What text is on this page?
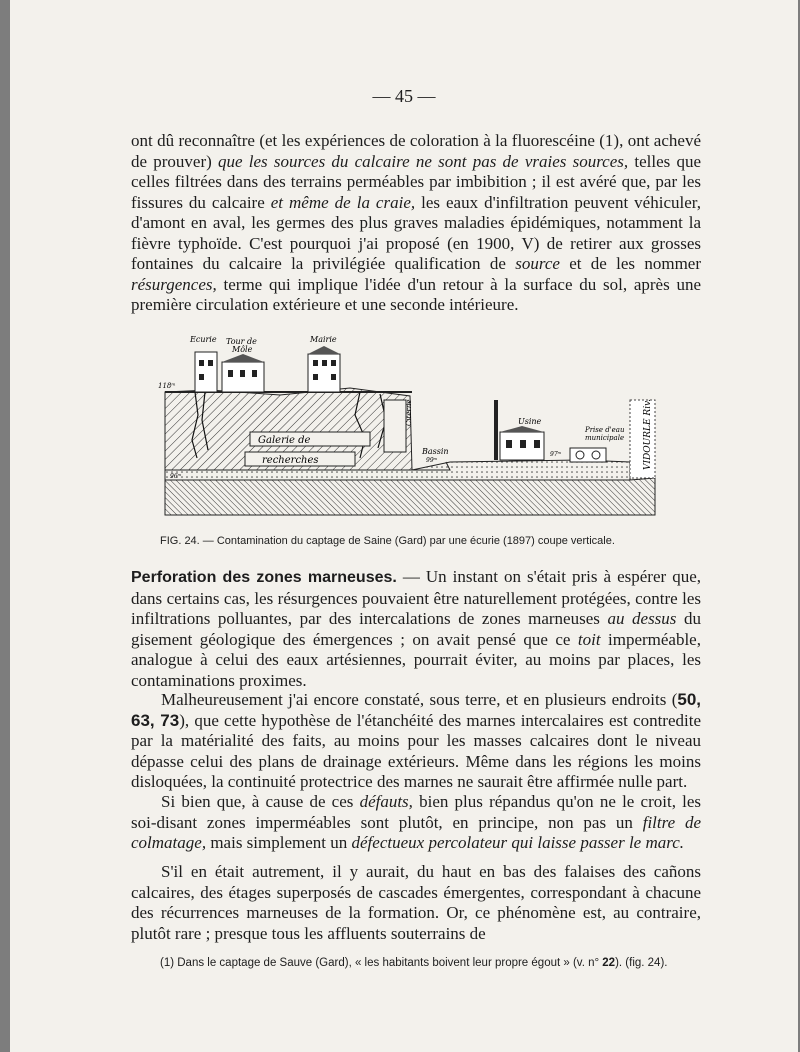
— 45 —

ont dû reconnaître (et les expériences de coloration à la fluorescéine (1), ont achevé de prouver) que les sources du calcaire ne sont pas de vraies sources, telles que celles filtrées dans des terrains perméables par imbibition ; il est avéré que, par les fissures du calcaire et même de la craie, les eaux d'infiltration peuvent véhiculer, d'amont en aval, les germes des plus graves maladies épidémiques, notamment la fièvre typhoïde. C'est pourquoi j'ai proposé (en 1900, V) de retirer aux grosses fontaines du calcaire la privilégiée qualification de source et de les nommer résurgences, terme qui implique l'idée d'un retour à la surface du sol, après une première circulation extérieure et une seconde intérieure.

Citerne
Galerie de
recherches	VIDOURLE Riv.
Ecurie Tour de
Môle
Mairie
118ᵐ
Bassin
99ᵐ
Usine
Prise d'eau
municipale
97ᵐ
96ᵐ
FIG. 24. — Contamination du captage de Saine (Gard) par une écurie (1897) coupe verticale.

Perforation des zones marneuses. — Un instant on s'était pris à espérer que, dans certains cas, les résurgences pouvaient être naturellement protégées, contre les infiltrations polluantes, par des intercalations de zones marneuses au dessus du gisement géologique des émergences ; on avait pensé que ce toit imperméable, analogue à celui des eaux artésiennes, pourrait éviter, au moins par places, les contaminations proximes.

Malheureusement j'ai encore constaté, sous terre, et en plusieurs endroits (50, 63, 73), que cette hypothèse de l'étanchéité des marnes intercalaires est contredite par la matérialité des faits, au moins pour les masses calcaires dont le niveau dépasse celui des plans de drainage extérieurs. Même dans les régions les moins disloquées, la continuité protectrice des marnes ne saurait être affirmée nulle part.

Si bien que, à cause de ces défauts, bien plus répandus qu'on ne le croit, les soi-disant zones imperméables sont plutôt, en principe, non pas un filtre de colmatage, mais simplement un défectueux percolateur qui laisse passer le marc.

S'il en était autrement, il y aurait, du haut en bas des falaises des cañons calcaires, des étages superposés de cascades émergentes, correspondant à chacune des récurrences marneuses de la formation. Or, ce phénomène est, au contraire, plutôt rare ; presque tous les affluents souterrains de

(1) Dans le captage de Sauve (Gard), « les habitants boivent leur propre égout » (v. n° 22). (fig. 24).
